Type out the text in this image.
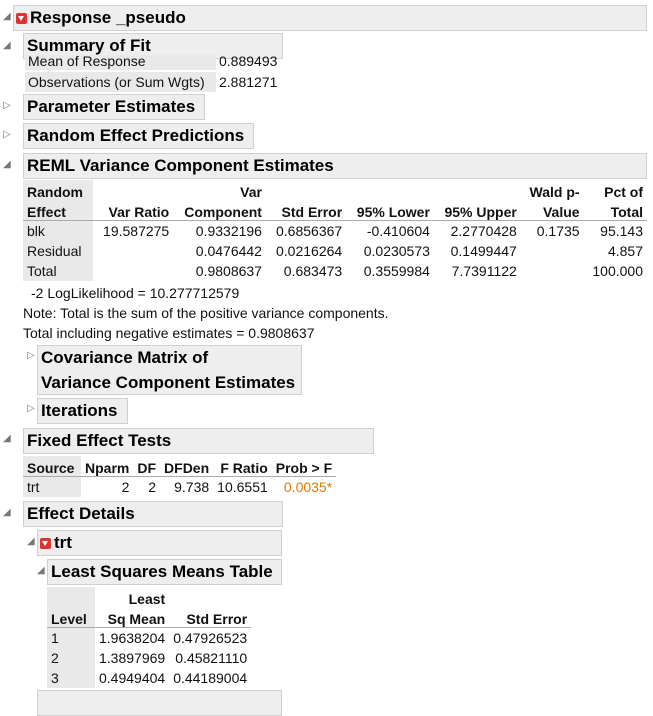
◢ Response _pseudo
◢ Summary of Fit
Mean of Response	0.889493
Observations (or Sum Wgts)	2.881271
▷ Parameter Estimates
▷ Random Effect Predictions
◢ REML Variance Component Estimates
Random		Var				Wald p-	Pct of
Effect	Var Ratio	Component	Std Error	95% Lower	95% Upper	Value	Total
blk	19.587275	0.9332196	0.6856367	-0.410604	2.2770428	0.1735	95.143
Residual		0.0476442	0.0216264	0.0230573	0.1499447		4.857
Total		0.9808637	0.683473	0.3559984	7.7391122		100.000
-2 LogLikelihood = 10.277712579
Note: Total is the sum of the positive variance components.
Total including negative estimates = 0.9808637
▷ Covariance Matrix of
Variance Component Estimates
▷ Iterations
◢ Fixed Effect Tests
Source	Nparm	DF	DFDen	F Ratio	Prob > F
trt	2	2	9.738	10.6551	0.0035*
◢ Effect Details
◢ trt
◢ Least Squares Means Table
	Least	
Level	Sq Mean	Std Error
1	1.9638204	0.47926523
2	1.3897969	0.45821110
3	0.4949404	0.44189004
